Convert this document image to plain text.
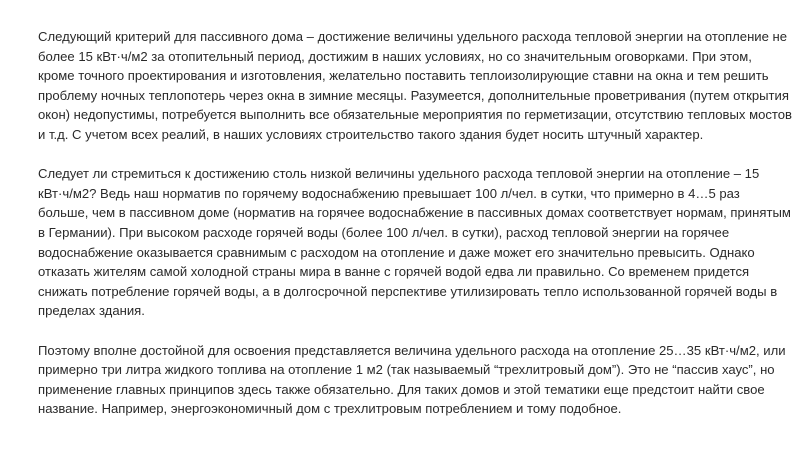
Следующий критерий для пассивного дома – достижение величины удельного расхода тепловой энергии на отопление не более 15 кВт·ч/м2 за отопительный период, достижим в наших условиях, но со значительным оговорками. При этом, кроме точного проектирования и изготовления, желательно поставить теплоизолирующие ставни на окна и тем решить проблему ночных теплопотерь через окна в зимние месяцы. Разумеется, дополнительные проветривания (путем открытия окон) недопустимы, потребуется выполнить все обязательные мероприятия по герметизации, отсутствию тепловых мостов и т.д. С учетом всех реалий, в наших условиях строительство такого здания будет носить штучный характер.

Следует ли стремиться к достижению столь низкой величины удельного расхода тепловой энергии на отопление – 15 кВт·ч/м2? Ведь наш норматив по горячему водоснабжению превышает 100 л/чел. в сутки, что примерно в 4…5 раз больше, чем в пассивном доме (норматив на горячее водоснабжение в пассивных домах соответствует нормам, принятым в Германии). При высоком расходе горячей воды (более 100 л/чел. в сутки), расход тепловой энергии на горячее водоснабжение оказывается сравнимым с расходом на отопление и даже может его значительно превысить. Однако отказать жителям самой холодной страны мира в ванне с горячей водой едва ли правильно. Со временем придется снижать потребление горячей воды, а в долгосрочной перспективе утилизировать тепло использованной горячей воды в пределах здания.

Поэтому вполне достойной для освоения представляется величина удельного расхода на отопление 25…35 кВт·ч/м2, или примерно три литра жидкого топлива на отопление 1 м2 (так называемый “трехлитровый дом”). Это не “пассив хаус”, но применение главных принципов здесь также обязательно. Для таких домов и этой тематики еще предстоит найти свое название. Например, энергоэкономичный дом с трехлитровым потреблением и тому подобное.
